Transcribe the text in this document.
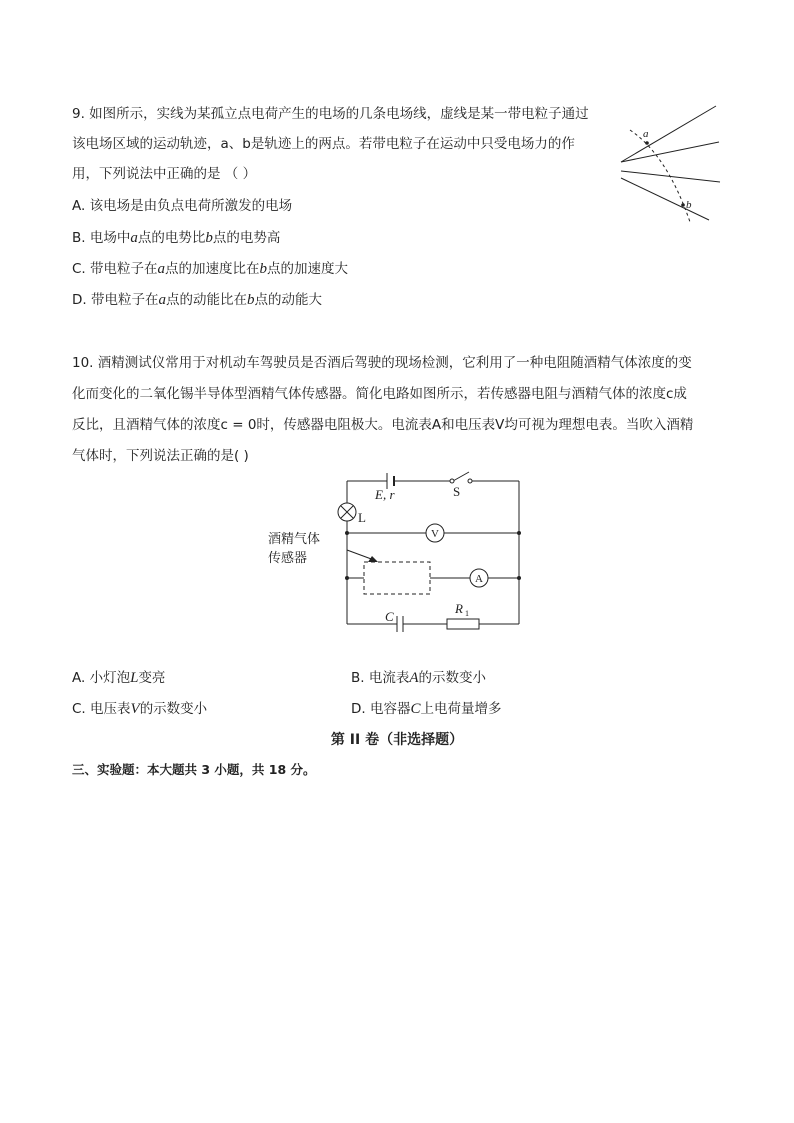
9. 如图所示，实线为某孤立点电荷产生的电场的几条电场线，虚线是某一带电粒子通过
该电场区域的运动轨迹，a、b是轨迹上的两点。若带电粒子在运动中只受电场力的作
用，下列说法中正确的是 （ ）
A. 该电场是由负点电荷所激发的电场
B. 电场中a点的电势比b点的电势高
C. 带电粒子在a点的加速度比在b点的加速度大
D. 带电粒子在a点的动能比在b点的动能大
a
b
10. 酒精测试仪常用于对机动车驾驶员是否酒后驾驶的现场检测，它利用了一种电阻随酒精气体浓度的变
化而变化的二氧化锡半导体型酒精气体传感器。简化电路如图所示，若传感器电阻与酒精气体的浓度c成
反比，且酒精气体的浓度c = 0时，传感器电阻极大。电流表A和电压表V均可视为理想电表。当吹入酒精
气体时，下列说法正确的是( )
E, r	S
L
V
A
酒精气体
传感器
C
R 1
A. 小灯泡L变亮	B. 电流表A的示数变小
C. 电压表V的示数变小	D. 电容器C上电荷量增多
第 II 卷（非选择题）
三、实验题：本大题共 3 小题，共 18 分。
